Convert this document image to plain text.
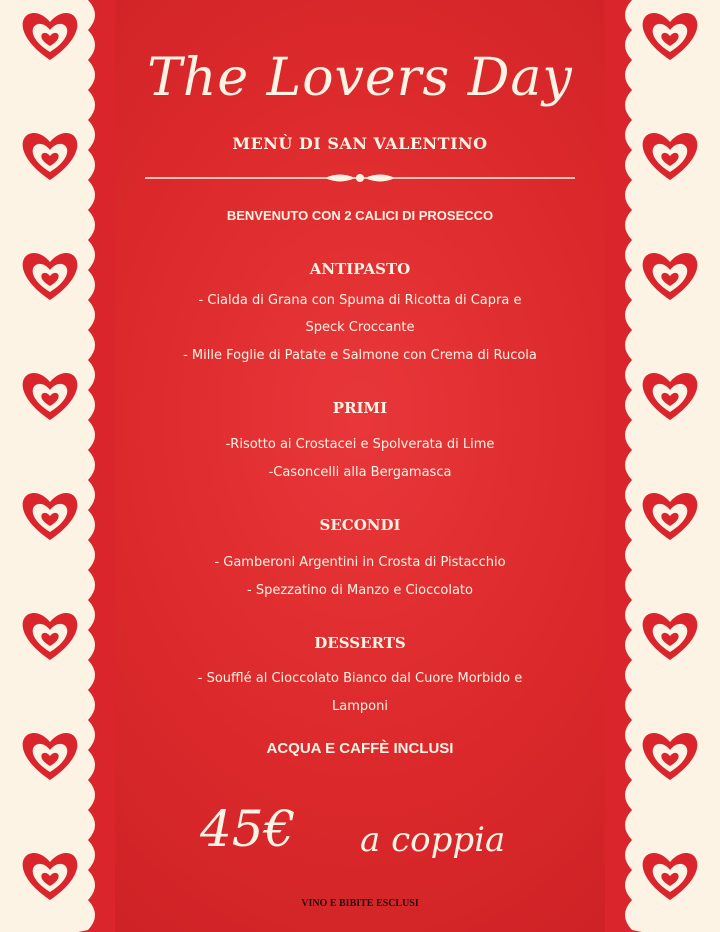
The Lovers Day
MENÙ DI SAN VALENTINO
BENVENUTO CON 2 CALICI DI PROSECCO
ANTIPASTO
- Cialda di Grana con Spuma di Ricotta di Capra e
Speck Croccante
- Mille Foglie di Patate e Salmone con Crema di Rucola
PRIMI
-Risotto ai Crostacei e Spolverata di Lime
-Casoncelli alla Bergamasca
SECONDI
- Gamberoni Argentini in Crosta di Pistacchio
- Spezzatino di Manzo e Cioccolato
DESSERTS
- Soufflé al Cioccolato Bianco dal Cuore Morbido e
Lamponi
ACQUA E CAFFÈ INCLUSI
45€ a coppia
VINO E BIBITE ESCLUSI
